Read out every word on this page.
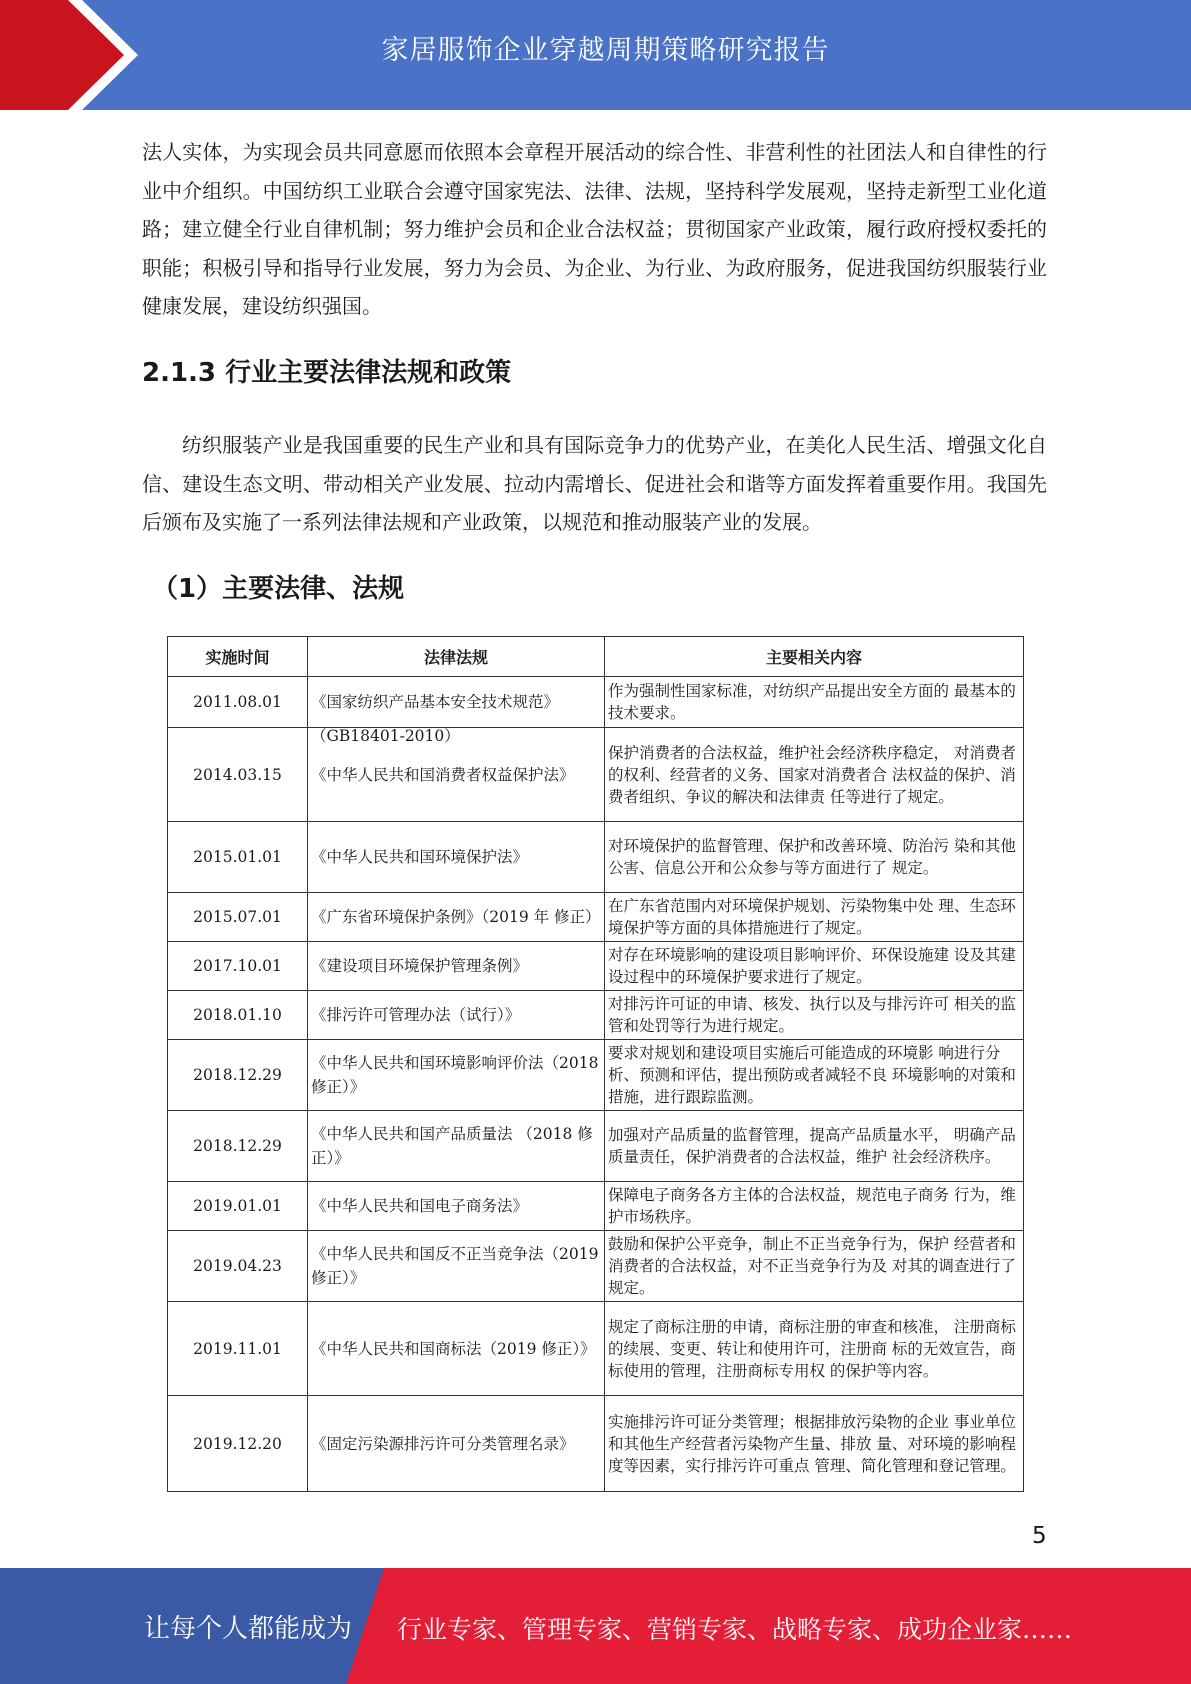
家居服饰企业穿越周期策略研究报告

法人实体，为实现会员共同意愿而依照本会章程开展活动的综合性、非营利性的社团法人和自律性的行业中介组织。中国纺织工业联合会遵守国家宪法、法律、法规，坚持科学发展观，坚持走新型工业化道路；建立健全行业自律机制；努力维护会员和企业合法权益；贯彻国家产业政策，履行政府授权委托的职能；积极引导和指导行业发展，努力为会员、为企业、为行业、为政府服务，促进我国纺织服装行业健康发展，建设纺织强国。

2.1.3 行业主要法律法规和政策

纺织服装产业是我国重要的民生产业和具有国际竞争力的优势产业，在美化人民生活、增强文化自信、建设生态文明、带动相关产业发展、拉动内需增长、促进社会和谐等方面发挥着重要作用。我国先后颁布及实施了一系列法律法规和产业政策，以规范和推动服装产业的发展。

（1）主要法律、法规
实施时间	法律法规	主要相关内容
2011.08.01	《国家纺织产品基本安全技术规范》（GB18401-2010）	作为强制性国家标准，对纺织产品提出安全方面的 最基本的技术要求。
2014.03.15	《中华人民共和国消费者权益保护法》	保护消费者的合法权益，维护社会经济秩序稳定， 对消费者的权利、经营者的义务、国家对消费者合 法权益的保护、消费者组织、争议的解决和法律责 任等进行了规定。
2015.01.01	《中华人民共和国环境保护法》	对环境保护的监督管理、保护和改善环境、防治污 染和其他公害、信息公开和公众参与等方面进行了 规定。
2015.07.01	《广东省环境保护条例》（2019 年 修正）	在广东省范围内对环境保护规划、污染物集中处 理、生态环境保护等方面的具体措施进行了规定。
2017.10.01	《建设项目环境保护管理条例》	对存在环境影响的建设项目影响评价、环保设施建 设及其建设过程中的环境保护要求进行了规定。
2018.01.10	《排污许可管理办法（试行）》	对排污许可证的申请、核发、执行以及与排污许可 相关的监管和处罚等行为进行规定。
2018.12.29	《中华人民共和国环境影响评价法（2018 修正）》	要求对规划和建设项目实施后可能造成的环境影 响进行分析、预测和评估，提出预防或者减轻不良 环境影响的对策和措施，进行跟踪监测。
2018.12.29	《中华人民共和国产品质量法 （2018 修正）》	加强对产品质量的监督管理，提高产品质量水平， 明确产品质量责任，保护消费者的合法权益，维护 社会经济秩序。
2019.01.01	《中华人民共和国电子商务法》	保障电子商务各方主体的合法权益，规范电子商务 行为，维护市场秩序。
2019.04.23	《中华人民共和国反不正当竞争法（2019 修正）》	鼓励和保护公平竞争，制止不正当竞争行为，保护 经营者和消费者的合法权益，对不正当竞争行为及 对其的调查进行了规定。
2019.11.01	《中华人民共和国商标法（2019 修正）》	规定了商标注册的申请，商标注册的审查和核准， 注册商标的续展、变更、转让和使用许可，注册商 标的无效宣告，商标使用的管理，注册商标专用权 的保护等内容。
2019.12.20	《固定污染源排污许可分类管理名录》	实施排污许可证分类管理；根据排放污染物的企业 事业单位和其他生产经营者污染物产生量、排放 量、对环境的影响程度等因素，实行排污许可重点 管理、简化管理和登记管理。
5
让每个人都能成为 行业专家、管理专家、营销专家、战略专家、成功企业家……
